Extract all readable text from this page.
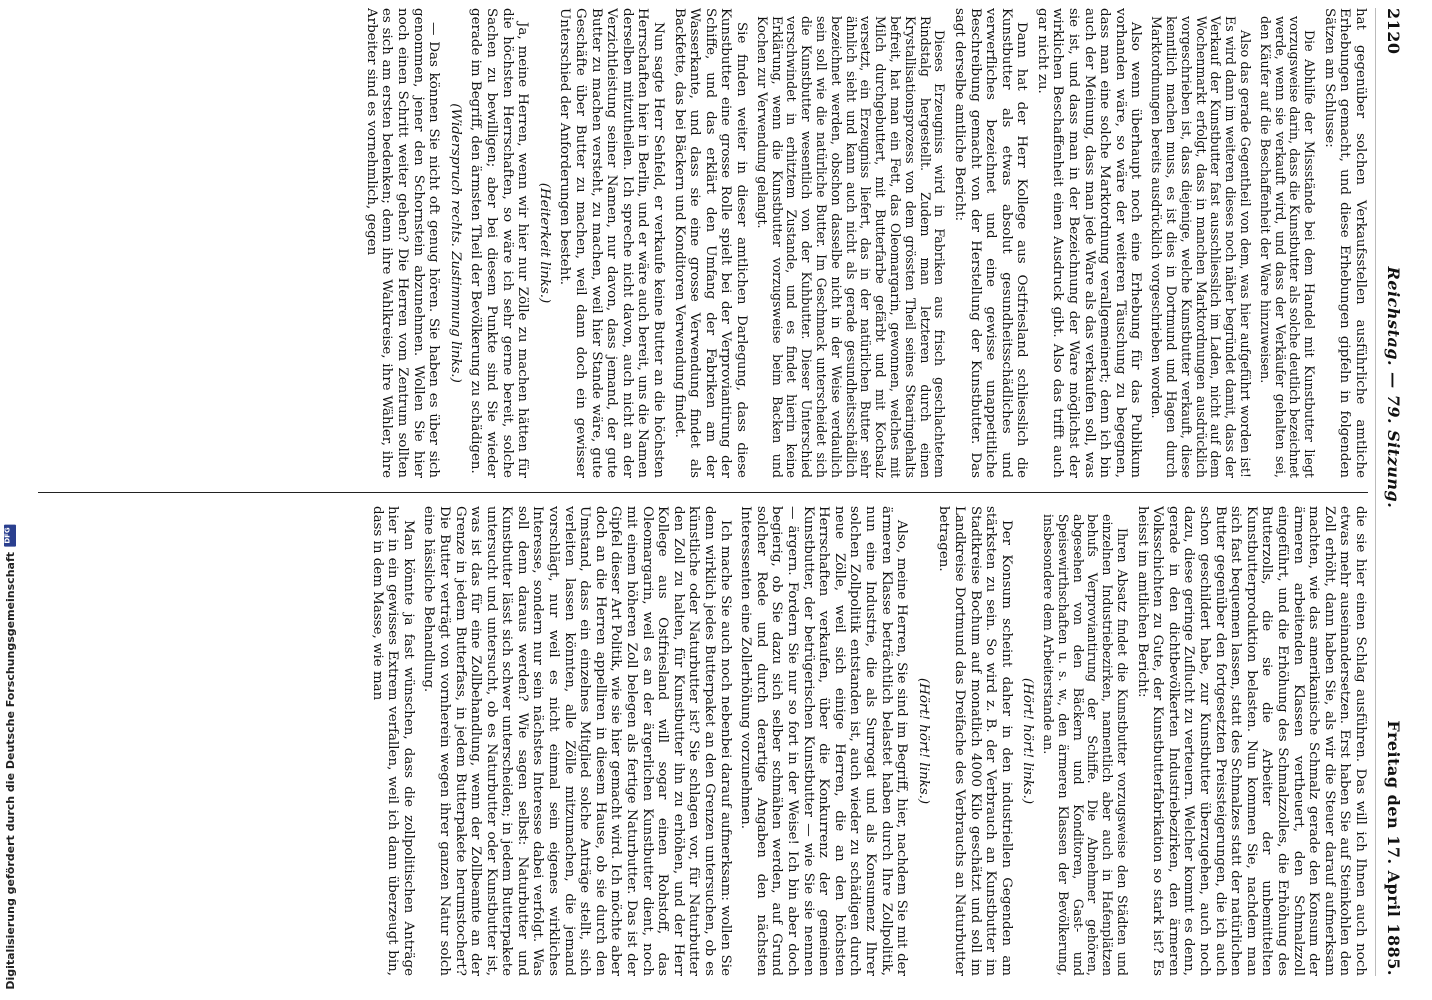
2120
Reichstag. — 79. Sitzung.
Freitag den 17. April 1885.

hat gegenüber solchen Verkaufsstellen ausführliche amtliche Erhebungen gemacht, und diese Erhebungen gipfeln in folgenden Sätzen am Schlusse:

Die Abhilfe der Missstände bei dem Handel mit Kunstbutter liegt vorzugsweise darin, dass die Kunstbutter als solche deutlich bezeichnet werde, wenn sie verkauft wird, und dass der Verkäufer gehalten sei, den Käufer auf die Beschaffenheit der Ware hinzuweisen.

Also das gerade Gegentheil von dem, was hier aufgeführt worden ist! Es wird dann im weiteren dieses noch näher begründet damit, dass der Verkauf der Kunstbutter fast ausschliesslich im Laden, nicht auf dem Wochenmarkt erfolgt, dass in manchen Marktordnungen ausdrücklich vorgeschrieben ist, dass diejenige, welche Kunstbutter verkauft, diese kenntlich machen muss, es ist dies in Dortmund und Hagen durch Marktordnungen bereits ausdrücklich vorgeschrieben worden.

Also wenn überhaupt noch eine Erhebung für das Publikum vorhanden wäre, so wäre der weiteren Täuschung zu begegnen, dass man eine solche Marktordnung verallgemeinert; denn ich bin auch der Meinung, dass man jede Ware als das verkaufen soll, was sie ist, und dass man in der Bezeichnung der Ware möglichst der wirklichen Beschaffenheit einen Ausdruck gibt. Also das trifft auch gar nicht zu.

Dann hat der Herr Kollege aus Ostfriesland schliesslich die Kunstbutter als etwas absolut gesundheitsschädliches und verwerfliches bezeichnet und eine gewisse unappetitliche Beschreibung gemacht von der Herstellung der Kunstbutter. Das sagt derselbe amtliche Bericht:

Dieses Erzeugniss wird in Fabriken aus frisch geschlachtetem Rindstalg hergestellt. Zudem man letzteren durch einen Krystallisationsprozess von dem grössten Theil seines Stearingehalts befreit, hat man ein Fett, das Oleomargarin, gewonnen, welches mit Milch durchgebuttert, mit Butterfarbe gefärbt und mit Kochsalz versetzt, ein Erzeugniss liefert, das in der natürlichen Butter sehr ähnlich sieht und kann auch nicht als gerade gesundheitsschädlich bezeichnet werden, obschon dasselbe nicht in der Weise verdaulich sein soll wie die natürliche Butter. Im Geschmack unterscheidet sich die Kunstbutter wesentlich von der Kuhbutter. Dieser Unterschied verschwindet in erhitztem Zustande, und es findet hierin keine Erklärung, wenn die Kunstbutter vorzugsweise beim Backen und Kochen zur Verwendung gelangt.

Sie finden weiter in dieser amtlichen Darlegung, dass diese Kunstbutter eine grosse Rolle spielt bei der Verproviantirung der Schiffe, und das erklärt den Umfang der Fabriken am der Wasserkante, und dass sie eine grosse Verwendung findet als Backfette, das bei Bäckern und Konditoren Verwendung findet.

Nun sagte Herr Sehfeld, er verkaufe keine Butter an die höchsten Herrschaften hier in Berlin, und er wäre auch bereit, uns die Namen derselben mitzutheilen. Ich spreche nicht davon, auch nicht an der Verzichtleistung seiner Namen, nur davon, dass jemand, der gute Butter zu machen versteht, zu machen, weil hier Stande wäre, gute Geschäfte über Butter zu machen, weil dann doch ein gewisser Unterschied der Anforderungen besteht.

(Heiterkeit links.)

Ja, meine Herren, wenn wir hier nur Zölle zu machen hätten für die höchsten Herrschaften, so wäre ich sehr gerne bereit, solche Sachen zu bewilligen; aber bei diesem Punkte sind Sie wieder gerade im Begriff, den ärmsten Theil der Bevölkerung zu schädigen.

(Widerspruch rechts. Zustimmung links.)

— Das können Sie nicht oft genug hören. Sie haben es über sich genommen, jener den Schornstein abzunehmen. Wollen Sie hier noch einen Schritt weiter gehen? Die Herren vom Zentrum sollten es sich am ersten bedenken; denn ihre Wahlkreise, ihre Wähler, ihre Arbeiter sind es vornehmlich, gegen

die sie hier einen Schlag ausführen. Das will ich Ihnen auch noch etwas mehr auseinandersetzen. Erst haben Sie auf Steinkohlen den Zoll erhöht, dann haben Sie, als wir die Steuer darauf aufmerksam machten, wie das amerikanische Schmalz gerade den Konsum der ärmeren arbeitenden Klassen vertheuert, den Schmalzzoll eingeführt, und die Erhöhung des Schmalzzolles, die Erhöhung des Butterzolls, die sie die Arbeiter der unbemittelten Kunstbutterproduktion belasten. Nun kommen Sie, nachdem man sich fast bequemen lassen, statt des Schmalzes statt der natürlichen Butter gegenüber den fortgesetzten Preissteigerungen, die ich auch schon geschildert habe, zur Kunstbutter überzugehen, auch noch dazu, diese geringe Zuflucht zu verteuern. Welcher kommt es denn, gerade in den dichtbevölkerten Industriebezirken, den ärmeren Volksschichten zu Gute, der Kunstbutterfabrikation so stark ist? Es heisst im amtlichen Bericht:

Ihren Absatz findet die Kunstbutter vorzugsweise den Städten und einzelnen Industriebezirken, namentlich aber auch in Hafenplätzen behufs Verproviantirung der Schiffe. Die Abnehmer gehören, abgesehen von den Bäckern und Konditoren, Gast- und Speisewirthschaften u. s. w., den ärmeren Klassen der Bevölkerung, insbesondere dem Arbeiterstande an.

(Hört! hört! links.)

Der Konsum scheint daher in den industriellen Gegenden am stärksten zu sein. So wird z. B. der Verbrauch an Kunstbutter im Stadtkreise Bochum auf monatlich 4000 Kilo geschätzt und soll im Landkreise Dortmund das Dreifache des Verbrauchs an Naturbutter betragen.

(Hört! hört! links.)

Also, meine Herren, Sie sind im Begriff, hier, nachdem Sie mit der ärmeren Klasse beträchtlich belastet haben durch Ihre Zollpolitik, nun eine Industrie, die als Surrogat und als Konsumenz Ihrer solchen Zollpolitik entstanden ist, auch wieder zu schädigen durch neue Zölle, weil sich einige Herren, die an den höchsten Herrschaften verkaufen, über die Konkurrenz der gemeinen Kunstbutter, der betrügerischen Kunstbutter — wie Sie sie nennen — ärgern. Fordern Sie nur so fort in der Weise! Ich bin aber doch begierig, ob Sie dazu sich selber schmähen werden, auf Grund solcher Rede und durch derartige Angaben den nächsten Interessenten eine Zollerhöhung vorzunehmen.

Ich mache Sie auch noch nebenbei darauf aufmerksam: wollen Sie denn wirklich jedes Butterpaket an den Grenzen untersuchen, ob es künstliche oder Naturbutter ist? Sie schlagen vor, für Naturbutter den Zoll zu halten, für Kunstbutter ihn zu erhöhen, und der Herr Kollege aus Ostfriesland will sogar einen Rohstoff, das Oleomargarin, weil es an der ärgerlichen Kunstbutter dient, noch mit einem höheren Zoll belegen als fertige Naturbutter. Das ist der Gipfel dieser Art Politik, wie sie hier gemacht wird. Ich möchte aber doch an die Herren appelliren in diesem Hause, ob sie durch den Umstand, dass ein einzelnes Mitglied solche Anträge stellt, sich verleiten lassen könnten, alle Zölle mitzumachen, die jemand vorschlägt, nur weil es nicht einmal sein eigenes wirkliches Interesse, sondern nur sein nächstes Interesse dabei verfolgt. Was soll denn daraus werden? Wie sagen selbst: Naturbutter und Kunstbutter lässt sich schwer unterscheiden; in jedem Butterpakete untersucht und untersucht, ob es Naturbutter oder Kunstbutter ist, was ist das für eine Zollbehandlung, wenn der Zollbeamte an der Grenze in jedem Butterfass, in jedem Butterpakete herumstochert? Die Butter verträgt von vornherein wegen ihrer ganzen Natur solch eine hässliche Behandlung.

Man könnte ja fast wünschen, dass die zollpolitischen Anträge hier in ein gewisses Extrem verfallen, weil ich dann überzeugt bin, dass in dem Masse, wie man

Digitalisierung gefördert durch die Deutsche Forschungsgemeinschaft
DFG
